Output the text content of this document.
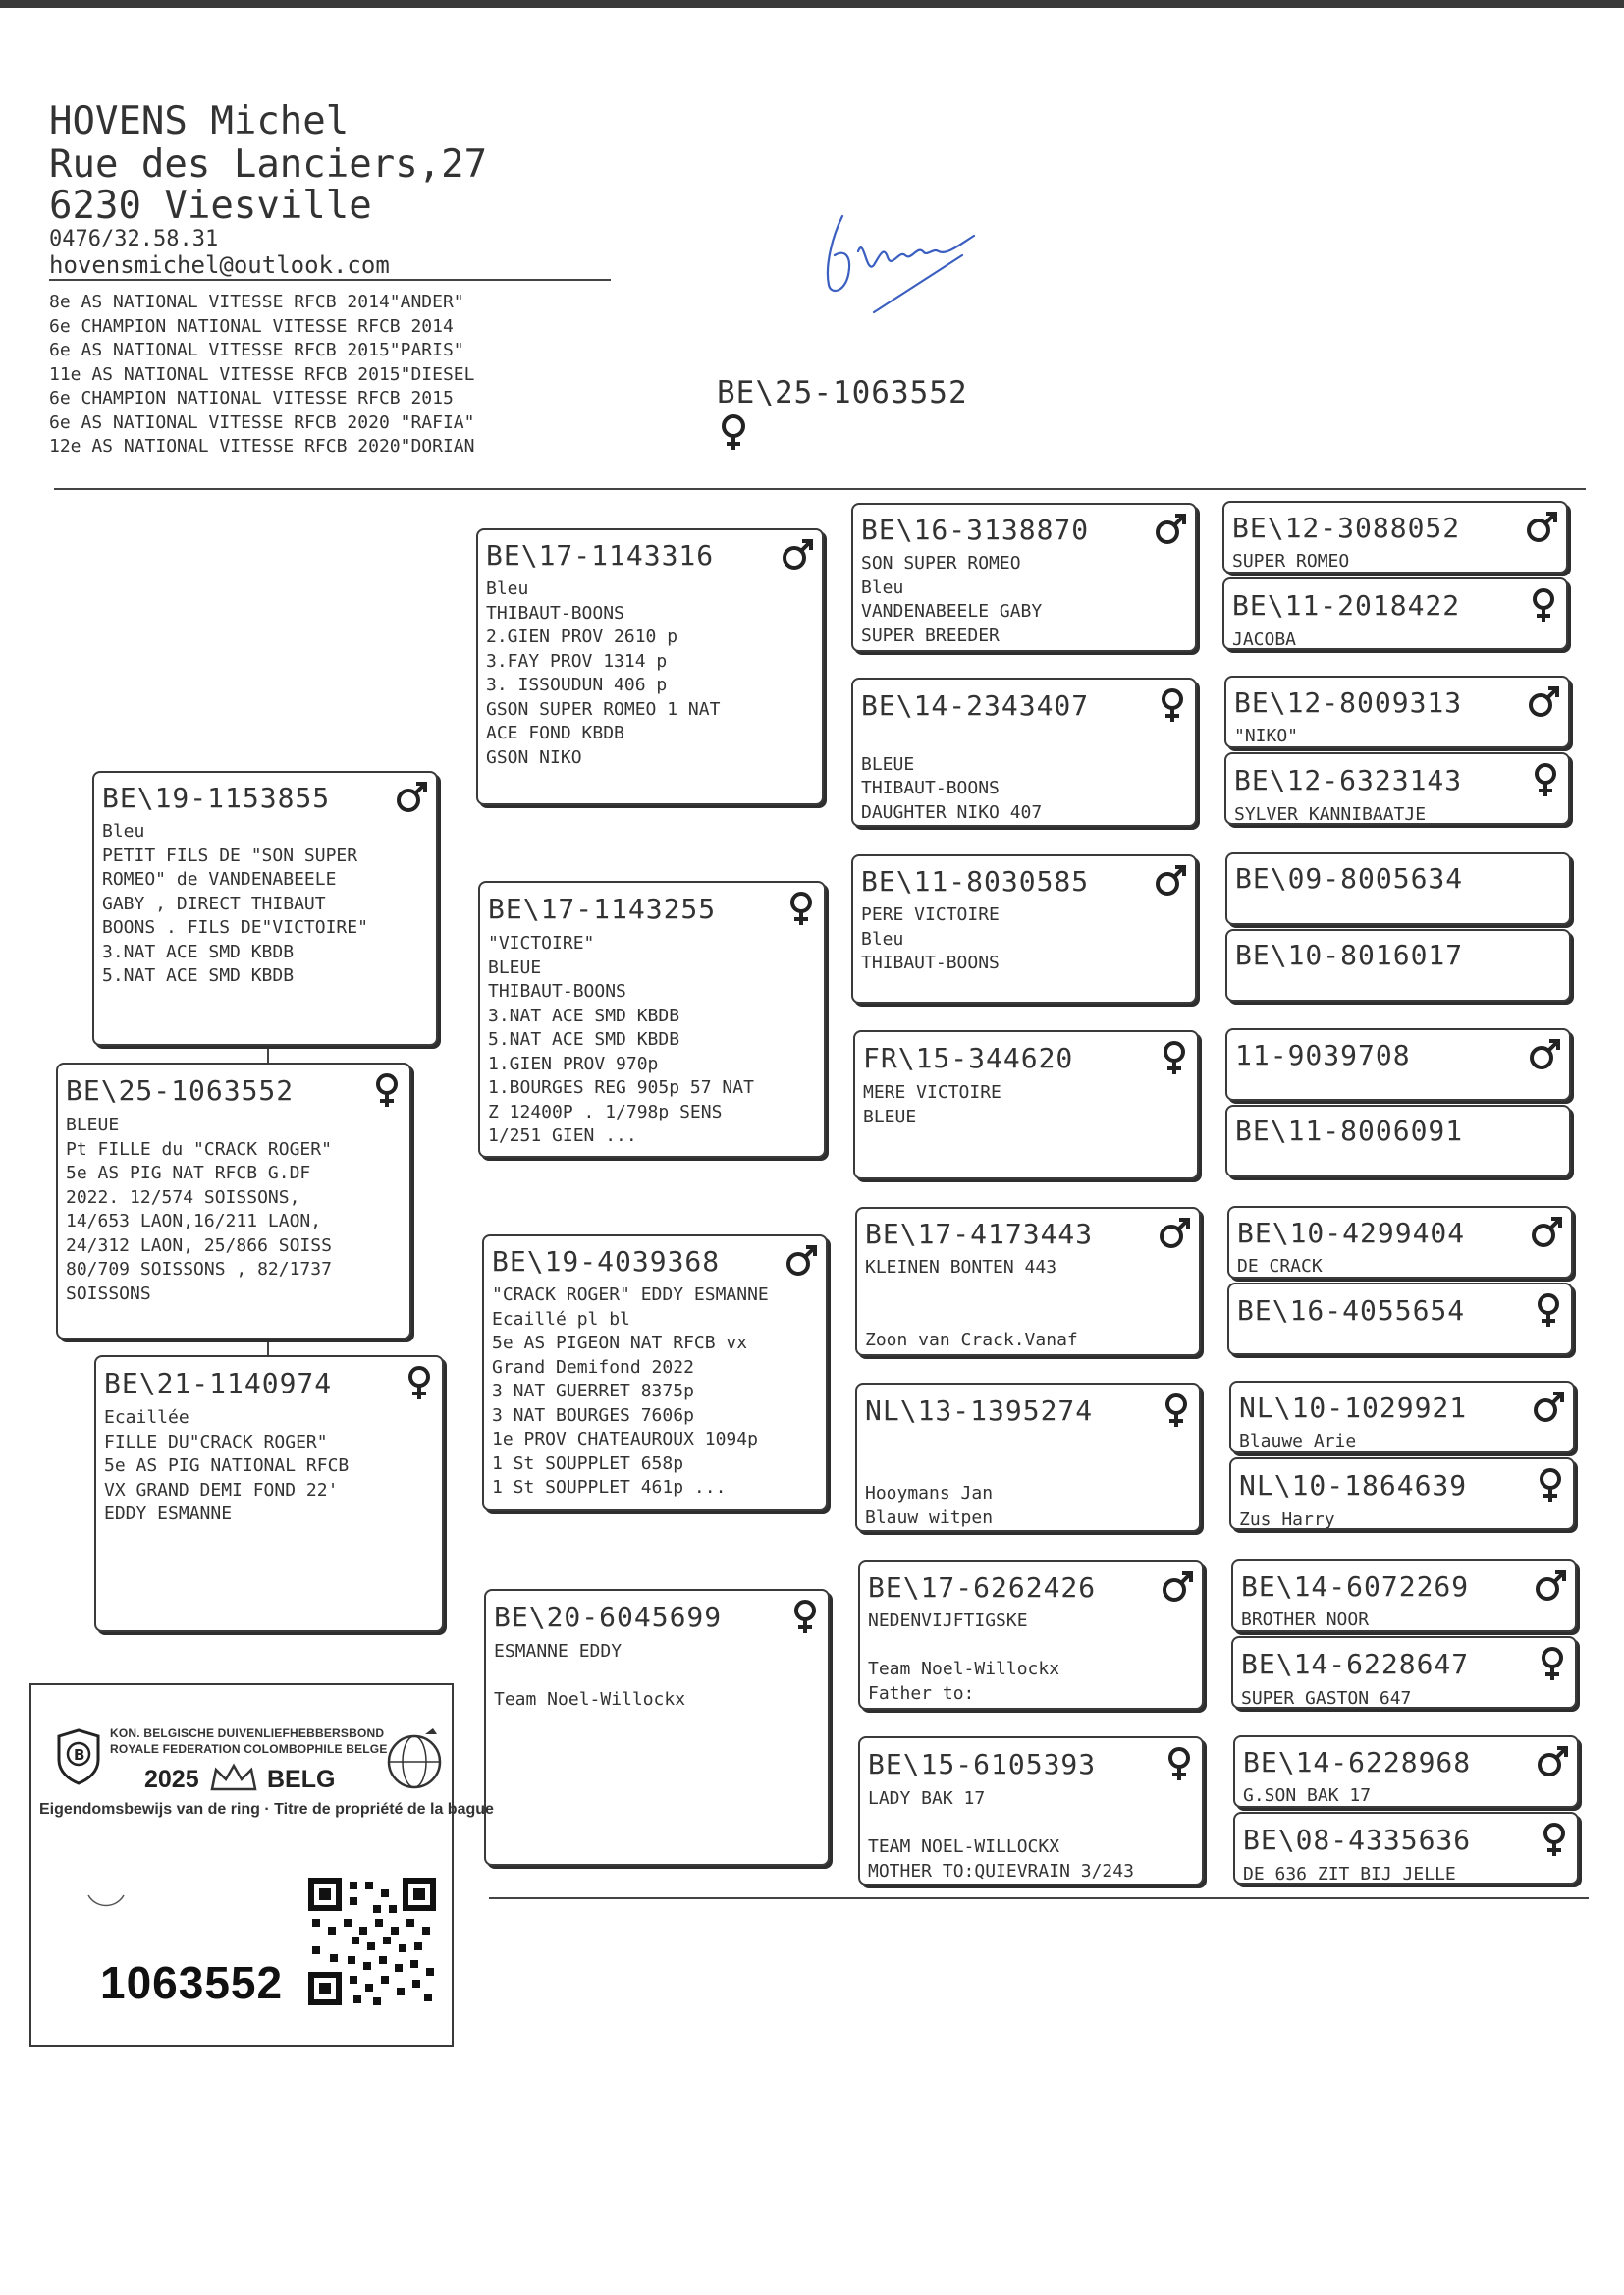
HOVENS Michel
Rue des Lanciers,27
6230 Viesville
0476/32.58.31
hovensmichel@outlook.com
8e AS NATIONAL VITESSE RFCB 2014"ANDER"
6e CHAMPION NATIONAL VITESSE RFCB 2014
6e AS NATIONAL VITESSE RFCB 2015"PARIS"
11e AS NATIONAL VITESSE RFCB 2015"DIESEL
6e CHAMPION NATIONAL VITESSE RFCB 2015
6e AS NATIONAL VITESSE RFCB 2020 "RAFIA"
12e AS NATIONAL VITESSE RFCB 2020"DORIAN
BE\25-1063552
BE\25-1063552
BLEUE
Pt FILLE du "CRACK ROGER"
5e AS PIG NAT RFCB G.DF
2022. 12/574 SOISSONS,
14/653 LAON,16/211 LAON,
24/312 LAON, 25/866 SOISS
80/709 SOISSONS , 82/1737
SOISSONS
BE\19-1153855
Bleu
PETIT FILS DE "SON SUPER
ROMEO" de VANDENABEELE
GABY , DIRECT THIBAUT
BOONS . FILS DE"VICTOIRE"
3.NAT ACE SMD KBDB
5.NAT ACE SMD KBDB
BE\21-1140974
Ecaillée
FILLE DU"CRACK ROGER"
5e AS PIG NATIONAL RFCB
VX GRAND DEMI FOND 22'
EDDY ESMANNE
BE\17-1143316
Bleu
THIBAUT-BOONS
2.GIEN PROV 2610 p
3.FAY PROV 1314 p
3. ISSOUDUN 406 p
GSON SUPER ROMEO 1 NAT
ACE FOND KBDB
GSON NIKO
BE\17-1143255
"VICTOIRE"
BLEUE
THIBAUT-BOONS
3.NAT ACE SMD KBDB
5.NAT ACE SMD KBDB
1.GIEN PROV 970p
1.BOURGES REG 905p 57 NAT
Z 12400P . 1/798p SENS
1/251 GIEN ...
BE\19-4039368
"CRACK ROGER" EDDY ESMANNE
Ecaillé pl bl
5e AS PIGEON NAT RFCB vx
Grand Demifond 2022
3 NAT GUERRET 8375p
3 NAT BOURGES 7606p
1e PROV CHATEAUROUX 1094p
1 St SOUPPLET 658p
1 St SOUPPLET 461p ...
BE\20-6045699
ESMANNE EDDY

Team Noel-Willockx
BE\16-3138870
SON SUPER ROMEO
Bleu
VANDENABEELE GABY
SUPER BREEDER
BE\14-2343407

BLEUE
THIBAUT-BOONS
DAUGHTER NIKO 407
BE\11-8030585
PERE VICTOIRE
Bleu
THIBAUT-BOONS
FR\15-344620
MERE VICTOIRE
BLEUE
BE\17-4173443
KLEINEN BONTEN 443

Zoon van Crack.Vanaf
NL\13-1395274

Hooymans Jan
Blauw witpen
BE\17-6262426
NEDENVIJFTIGSKE

Team Noel-Willockx
Father to:
BE\15-6105393
LADY BAK 17

TEAM NOEL-WILLOCKX
MOTHER TO:QUIEVRAIN 3/243
BE\12-3088052
SUPER ROMEO
BE\11-2018422
JACOBA
BE\12-8009313
"NIKO"
BE\12-6323143
SYLVER KANNIBAATJE
BE\09-8005634
BE\10-8016017
11-9039708
BE\11-8006091
BE\10-4299404
DE CRACK
BE\16-4055654
NL\10-1029921
Blauwe Arie
NL\10-1864639
Zus Harry
BE\14-6072269
BROTHER NOOR
BE\14-6228647
SUPER GASTON 647
BE\14-6228968
G.SON BAK 17
BE\08-4335636
DE 636 ZIT BIJ JELLE
B
KON. BELGISCHE DUIVENLIEFHEBBERSBOND
ROYALE FEDERATION COLOMBOPHILE BELGE
2025	BELG
Eigendomsbewijs van de ring · Titre de propriété de la bague
1063552
